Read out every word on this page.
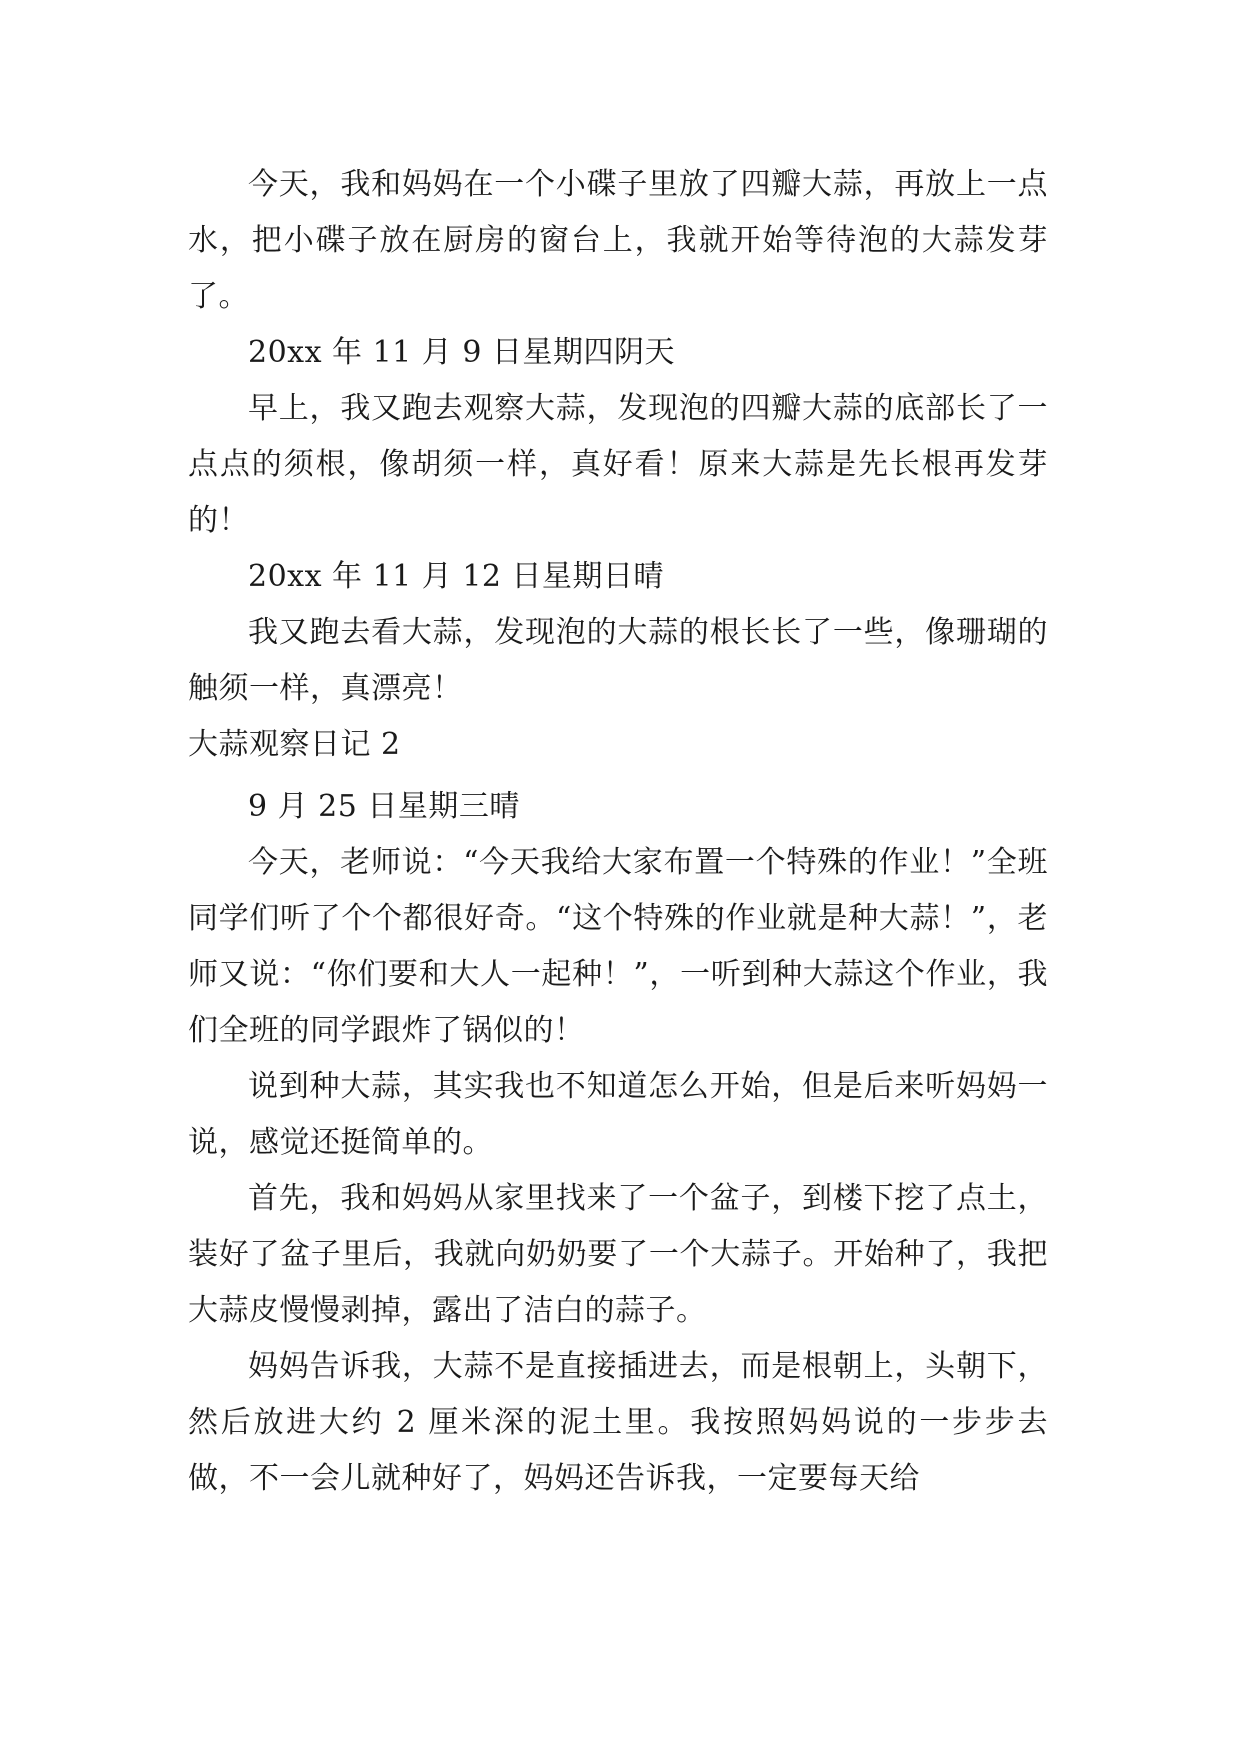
今天，我和妈妈在一个小碟子里放了四瓣大蒜，再放上一点水，把小碟子放在厨房的窗台上，我就开始等待泡的大蒜发芽了。

20xx 年 11 月 9 日星期四阴天

早上，我又跑去观察大蒜，发现泡的四瓣大蒜的底部长了一点点的须根，像胡须一样，真好看！原来大蒜是先长根再发芽的！

20xx 年 11 月 12 日星期日晴

我又跑去看大蒜，发现泡的大蒜的根长长了一些，像珊瑚的触须一样，真漂亮！

大蒜观察日记 2

9 月 25 日星期三晴

今天，老师说：“今天我给大家布置一个特殊的作业！”全班同学们听了个个都很好奇。“这个特殊的作业就是种大蒜！”，老师又说：“你们要和大人一起种！”，一听到种大蒜这个作业，我们全班的同学跟炸了锅似的！

说到种大蒜，其实我也不知道怎么开始，但是后来听妈妈一说，感觉还挺简单的。

首先，我和妈妈从家里找来了一个盆子，到楼下挖了点土，装好了盆子里后，我就向奶奶要了一个大蒜子。开始种了，我把大蒜皮慢慢剥掉，露出了洁白的蒜子。

妈妈告诉我，大蒜不是直接插进去，而是根朝上，头朝下，然后放进大约 2 厘米深的泥土里。我按照妈妈说的一步步去做，不一会儿就种好了，妈妈还告诉我，一定要每天给
